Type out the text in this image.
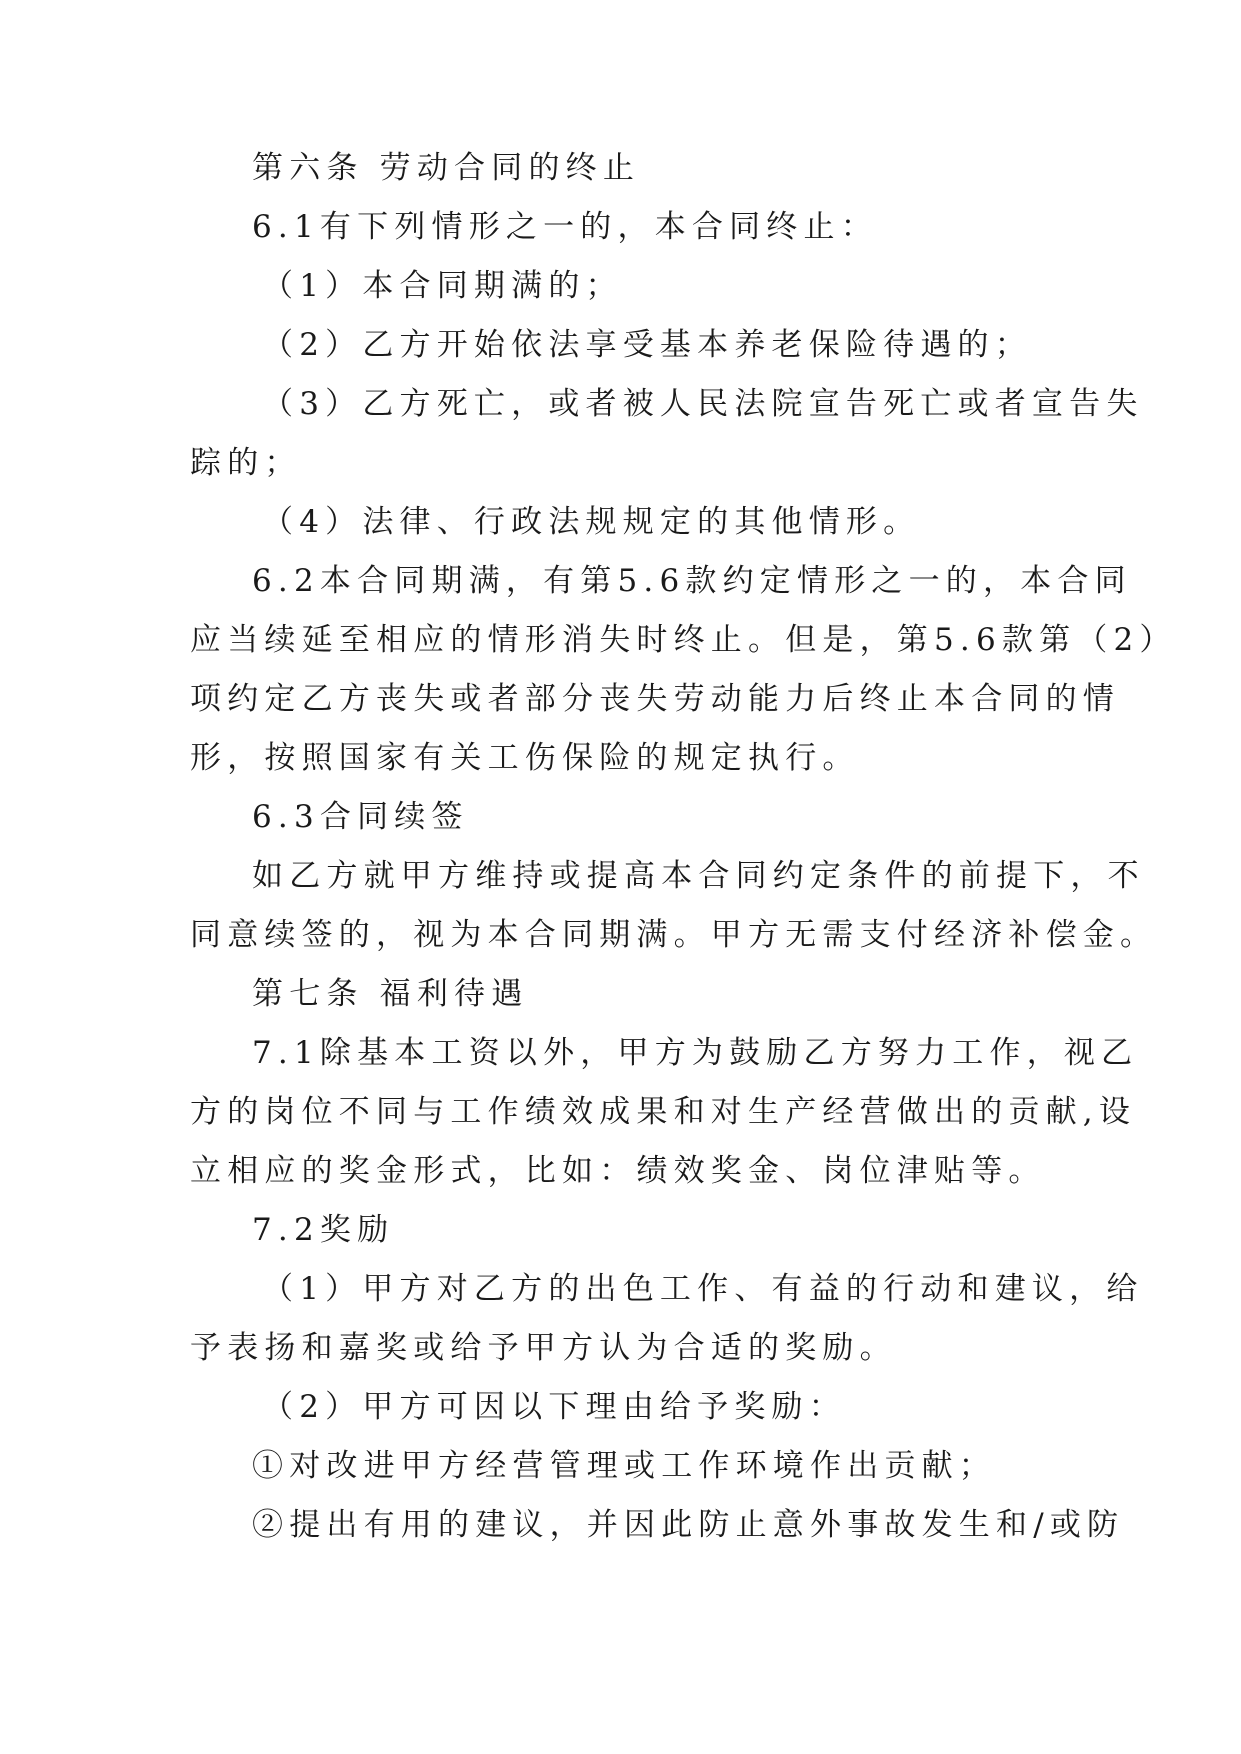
第六条 劳动合同的终止
6.1有下列情形之一的，本合同终止：
（1）本合同期满的；
（2）乙方开始依法享受基本养老保险待遇的；
（3）乙方死亡，或者被人民法院宣告死亡或者宣告失
踪的；
（4）法律、行政法规规定的其他情形。
6.2本合同期满，有第5.6款约定情形之一的，本合同
应当续延至相应的情形消失时终止。但是，第5.6款第（2）
项约定乙方丧失或者部分丧失劳动能力后终止本合同的情
形，按照国家有关工伤保险的规定执行。
6.3合同续签
如乙方就甲方维持或提高本合同约定条件的前提下，不
同意续签的，视为本合同期满。甲方无需支付经济补偿金。
第七条 福利待遇
7.1除基本工资以外，甲方为鼓励乙方努力工作，视乙
方的岗位不同与工作绩效成果和对生产经营做出的贡献,设
立相应的奖金形式，比如：绩效奖金、岗位津贴等。
7.2奖励
（1）甲方对乙方的出色工作、有益的行动和建议，给
予表扬和嘉奖或给予甲方认为合适的奖励。
（2）甲方可因以下理由给予奖励：
①对改进甲方经营管理或工作环境作出贡献；
②提出有用的建议，并因此防止意外事故发生和/或防
